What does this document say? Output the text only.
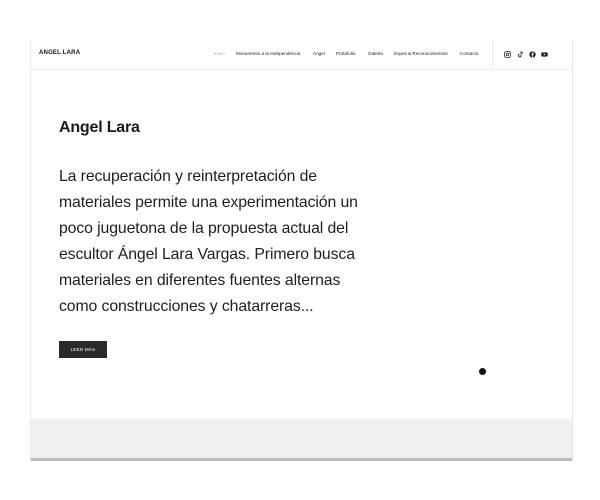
ANGEL LARA	Inicio Monumento a la Independencia	Angel Portafolio	Galeria Expos & Reconocimientos	Contacto
Angel Lara
La recuperación y reinterpretación de
materiales permite una experimentación un
poco juguetona de la propuesta actual del
escultor Ángel Lara Vargas. Primero busca
materiales en diferentes fuentes alternas
como construcciones y chatarreras...
LEER MÁS
